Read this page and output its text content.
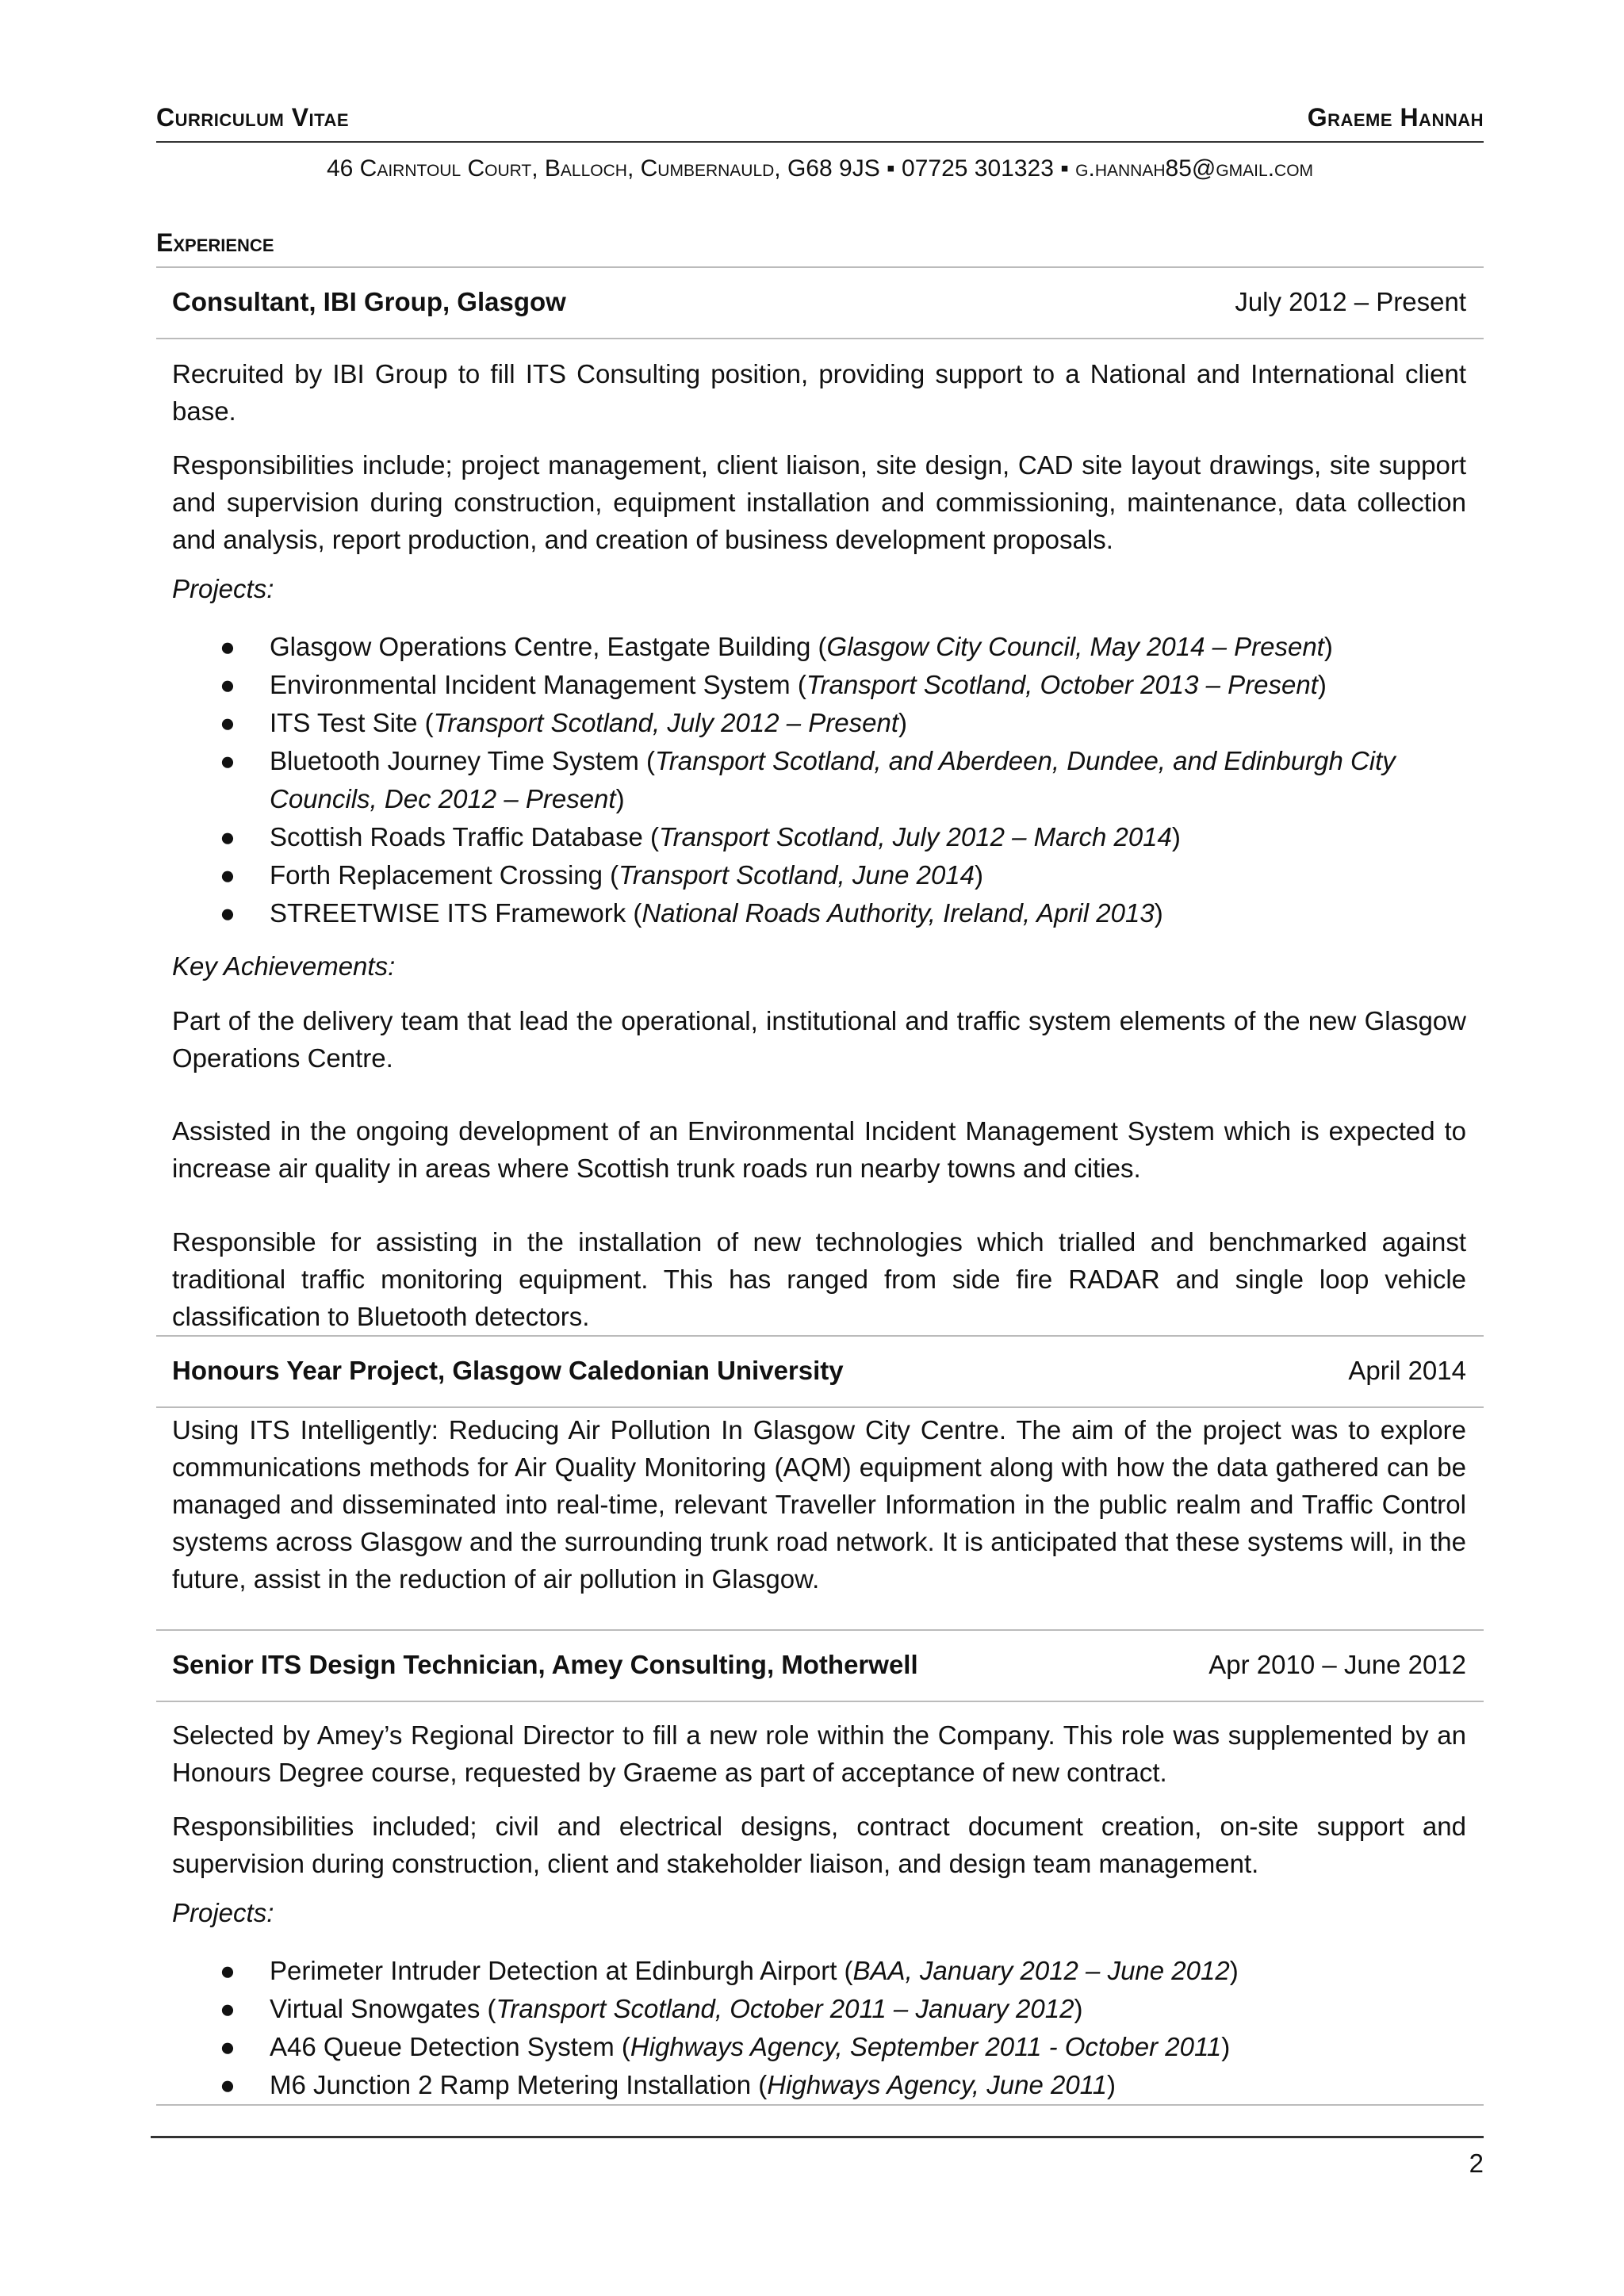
Curriculum Vitae	Graeme Hannah
46 Cairntoul Court, Balloch, Cumbernauld, G68 9JS ▪ 07725 301323 ▪ g.hannah85@gmail.com
Experience
Consultant, IBI Group, Glasgow	July 2012 – Present

Recruited by IBI Group to fill ITS Consulting position, providing support to a National and International client base.

Responsibilities include; project management, client liaison, site design, CAD site layout drawings, site support and supervision during construction, equipment installation and commissioning, maintenance, data collection and analysis, report production, and creation of business development proposals.

Projects:
● Glasgow Operations Centre, Eastgate Building (Glasgow City Council, May 2014 – Present)
● Environmental Incident Management System (Transport Scotland, October 2013 – Present)
● ITS Test Site (Transport Scotland, July 2012 – Present)
● Bluetooth Journey Time System (Transport Scotland, and Aberdeen, Dundee, and Edinburgh City Councils, Dec 2012 – Present)
● Scottish Roads Traffic Database (Transport Scotland, July 2012 – March 2014)
● Forth Replacement Crossing (Transport Scotland, June 2014)
● STREETWISE ITS Framework (National Roads Authority, Ireland, April 2013)
Key Achievements:

Part of the delivery team that lead the operational, institutional and traffic system elements of the new Glasgow Operations Centre.

Assisted in the ongoing development of an Environmental Incident Management System which is expected to increase air quality in areas where Scottish trunk roads run nearby towns and cities.

Responsible for assisting in the installation of new technologies which trialled and benchmarked against traditional traffic monitoring equipment. This has ranged from side fire RADAR and single loop vehicle classification to Bluetooth detectors.

Honours Year Project, Glasgow Caledonian University	April 2014

Using ITS Intelligently: Reducing Air Pollution In Glasgow City Centre. The aim of the project was to explore communications methods for Air Quality Monitoring (AQM) equipment along with how the data gathered can be managed and disseminated into real-time, relevant Traveller Information in the public realm and Traffic Control systems across Glasgow and the surrounding trunk road network. It is anticipated that these systems will, in the future, assist in the reduction of air pollution in Glasgow.

Senior ITS Design Technician, Amey Consulting, Motherwell	Apr 2010 – June 2012

Selected by Amey’s Regional Director to fill a new role within the Company. This role was supplemented by an Honours Degree course, requested by Graeme as part of acceptance of new contract.

Responsibilities included; civil and electrical designs, contract document creation, on-site support and supervision during construction, client and stakeholder liaison, and design team management.

Projects:
● Perimeter Intruder Detection at Edinburgh Airport (BAA, January 2012 – June 2012)
● Virtual Snowgates (Transport Scotland, October 2011 – January 2012)
● A46 Queue Detection System (Highways Agency, September 2011 - October 2011)
● M6 Junction 2 Ramp Metering Installation (Highways Agency, June 2011)
2
